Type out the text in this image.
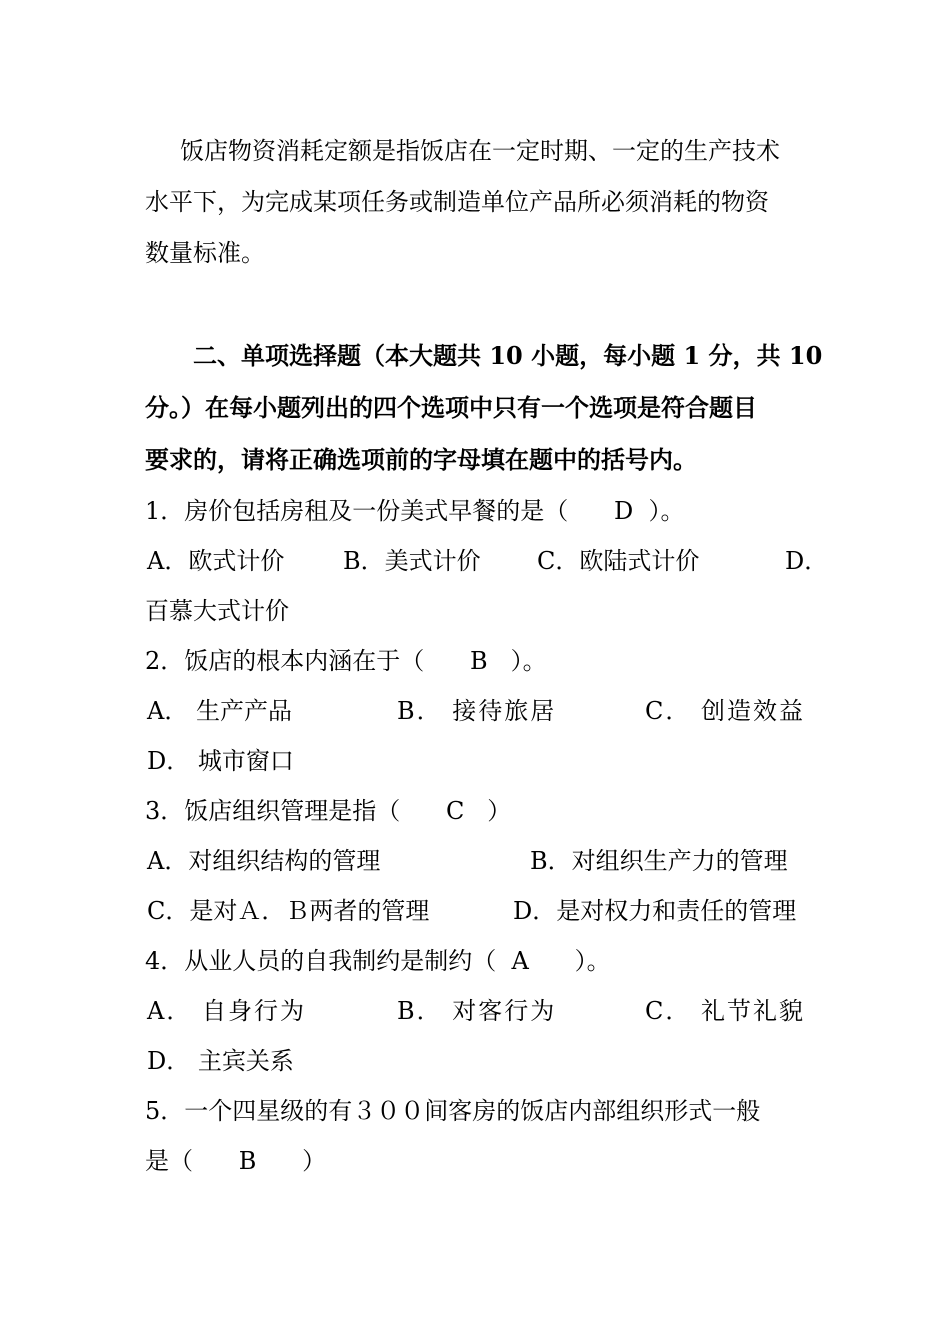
饭店物资消耗定额是指饭店在一定时期、一定的生产技术
水平下，为完成某项任务或制造单位产品所必须消耗的物资
数量标准。
二、单项选择题（本大题共 10 小题，每小题 1 分，共 10
分。）在每小题列出的四个选项中只有一个选项是符合题目
要求的，请将正确选项前的字母填在题中的括号内。
1．房价包括房租及一份美式早餐的是（      D  ）。
A．欧式计价 B．美式计价 C．欧陆式计价	D．
百慕大式计价
2．饭店的根本内涵在于（      B   ）。
A． 生产产品	B． 接待旅居	C． 创造效益
D． 城市窗口
3．饭店组织管理是指（      C   ）
A．对组织结构的管理	B．对组织生产力的管理
C．是对Ａ．Ｂ两者的管理	D．是对权力和责任的管理
4．从业人员的自我制约是制约（  A      ）。
A． 自身行为	B． 对客行为	C． 礼节礼貌
D． 主宾关系
5．一个四星级的有３００间客房的饭店内部组织形式一般
是（      B      ）
